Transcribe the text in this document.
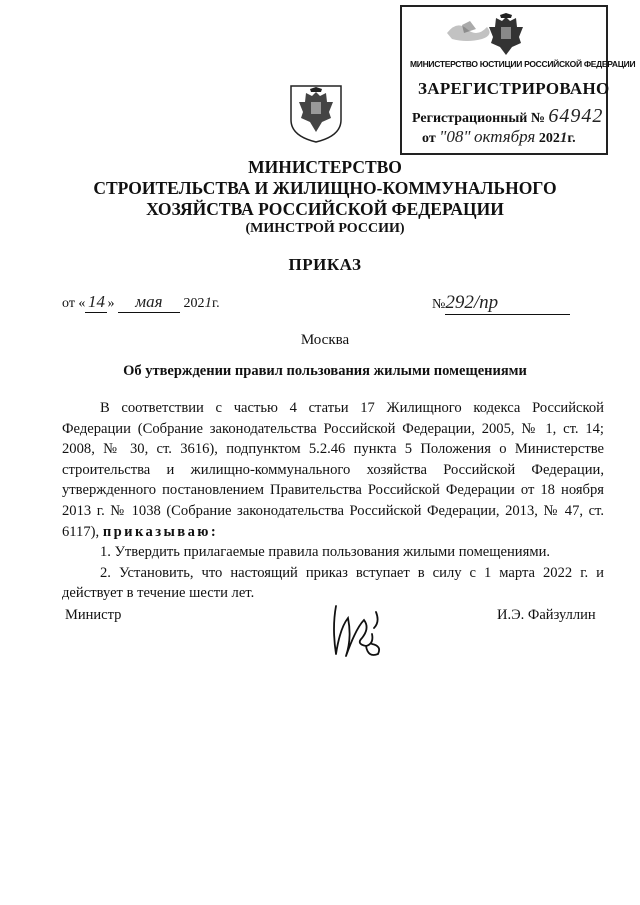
МИНИСТЕРСТВО ЮСТИЦИИ РОССИЙСКОЙ ФЕДЕРАЦИИ
ЗАРЕГИСТРИРОВАНО
Регистрационный № 64942
от "08" октября 2021г.
МИНИСТЕРСТВО
СТРОИТЕЛЬСТВА И ЖИЛИЩНО-КОММУНАЛЬНОГО
ХОЗЯЙСТВА РОССИЙСКОЙ ФЕДЕРАЦИИ
(МИНСТРОЙ РОССИИ)
ПРИКАЗ
от « 14 » мая 2021г.	№292/пр
Москва
Об утверждении правил пользования жилыми помещениями

В соответствии с частью 4 статьи 17 Жилищного кодекса Российской Федерации (Собрание законодательства Российской Федерации, 2005, № 1, ст. 14; 2008, № 30, ст. 3616), подпунктом 5.2.46 пункта 5 Положения о Министерстве строительства и жилищно-коммунального хозяйства Российской Федерации, утвержденного постановлением Правительства Российской Федерации от 18 ноября 2013 г. № 1038 (Собрание законодательства Российской Федерации, 2013, № 47, ст. 6117), приказываю:

1. Утвердить прилагаемые правила пользования жилыми помещениями.

2. Установить, что настоящий приказ вступает в силу с 1 марта 2022 г. и действует в течение шести лет.

Министр	И.Э. Файзуллин
